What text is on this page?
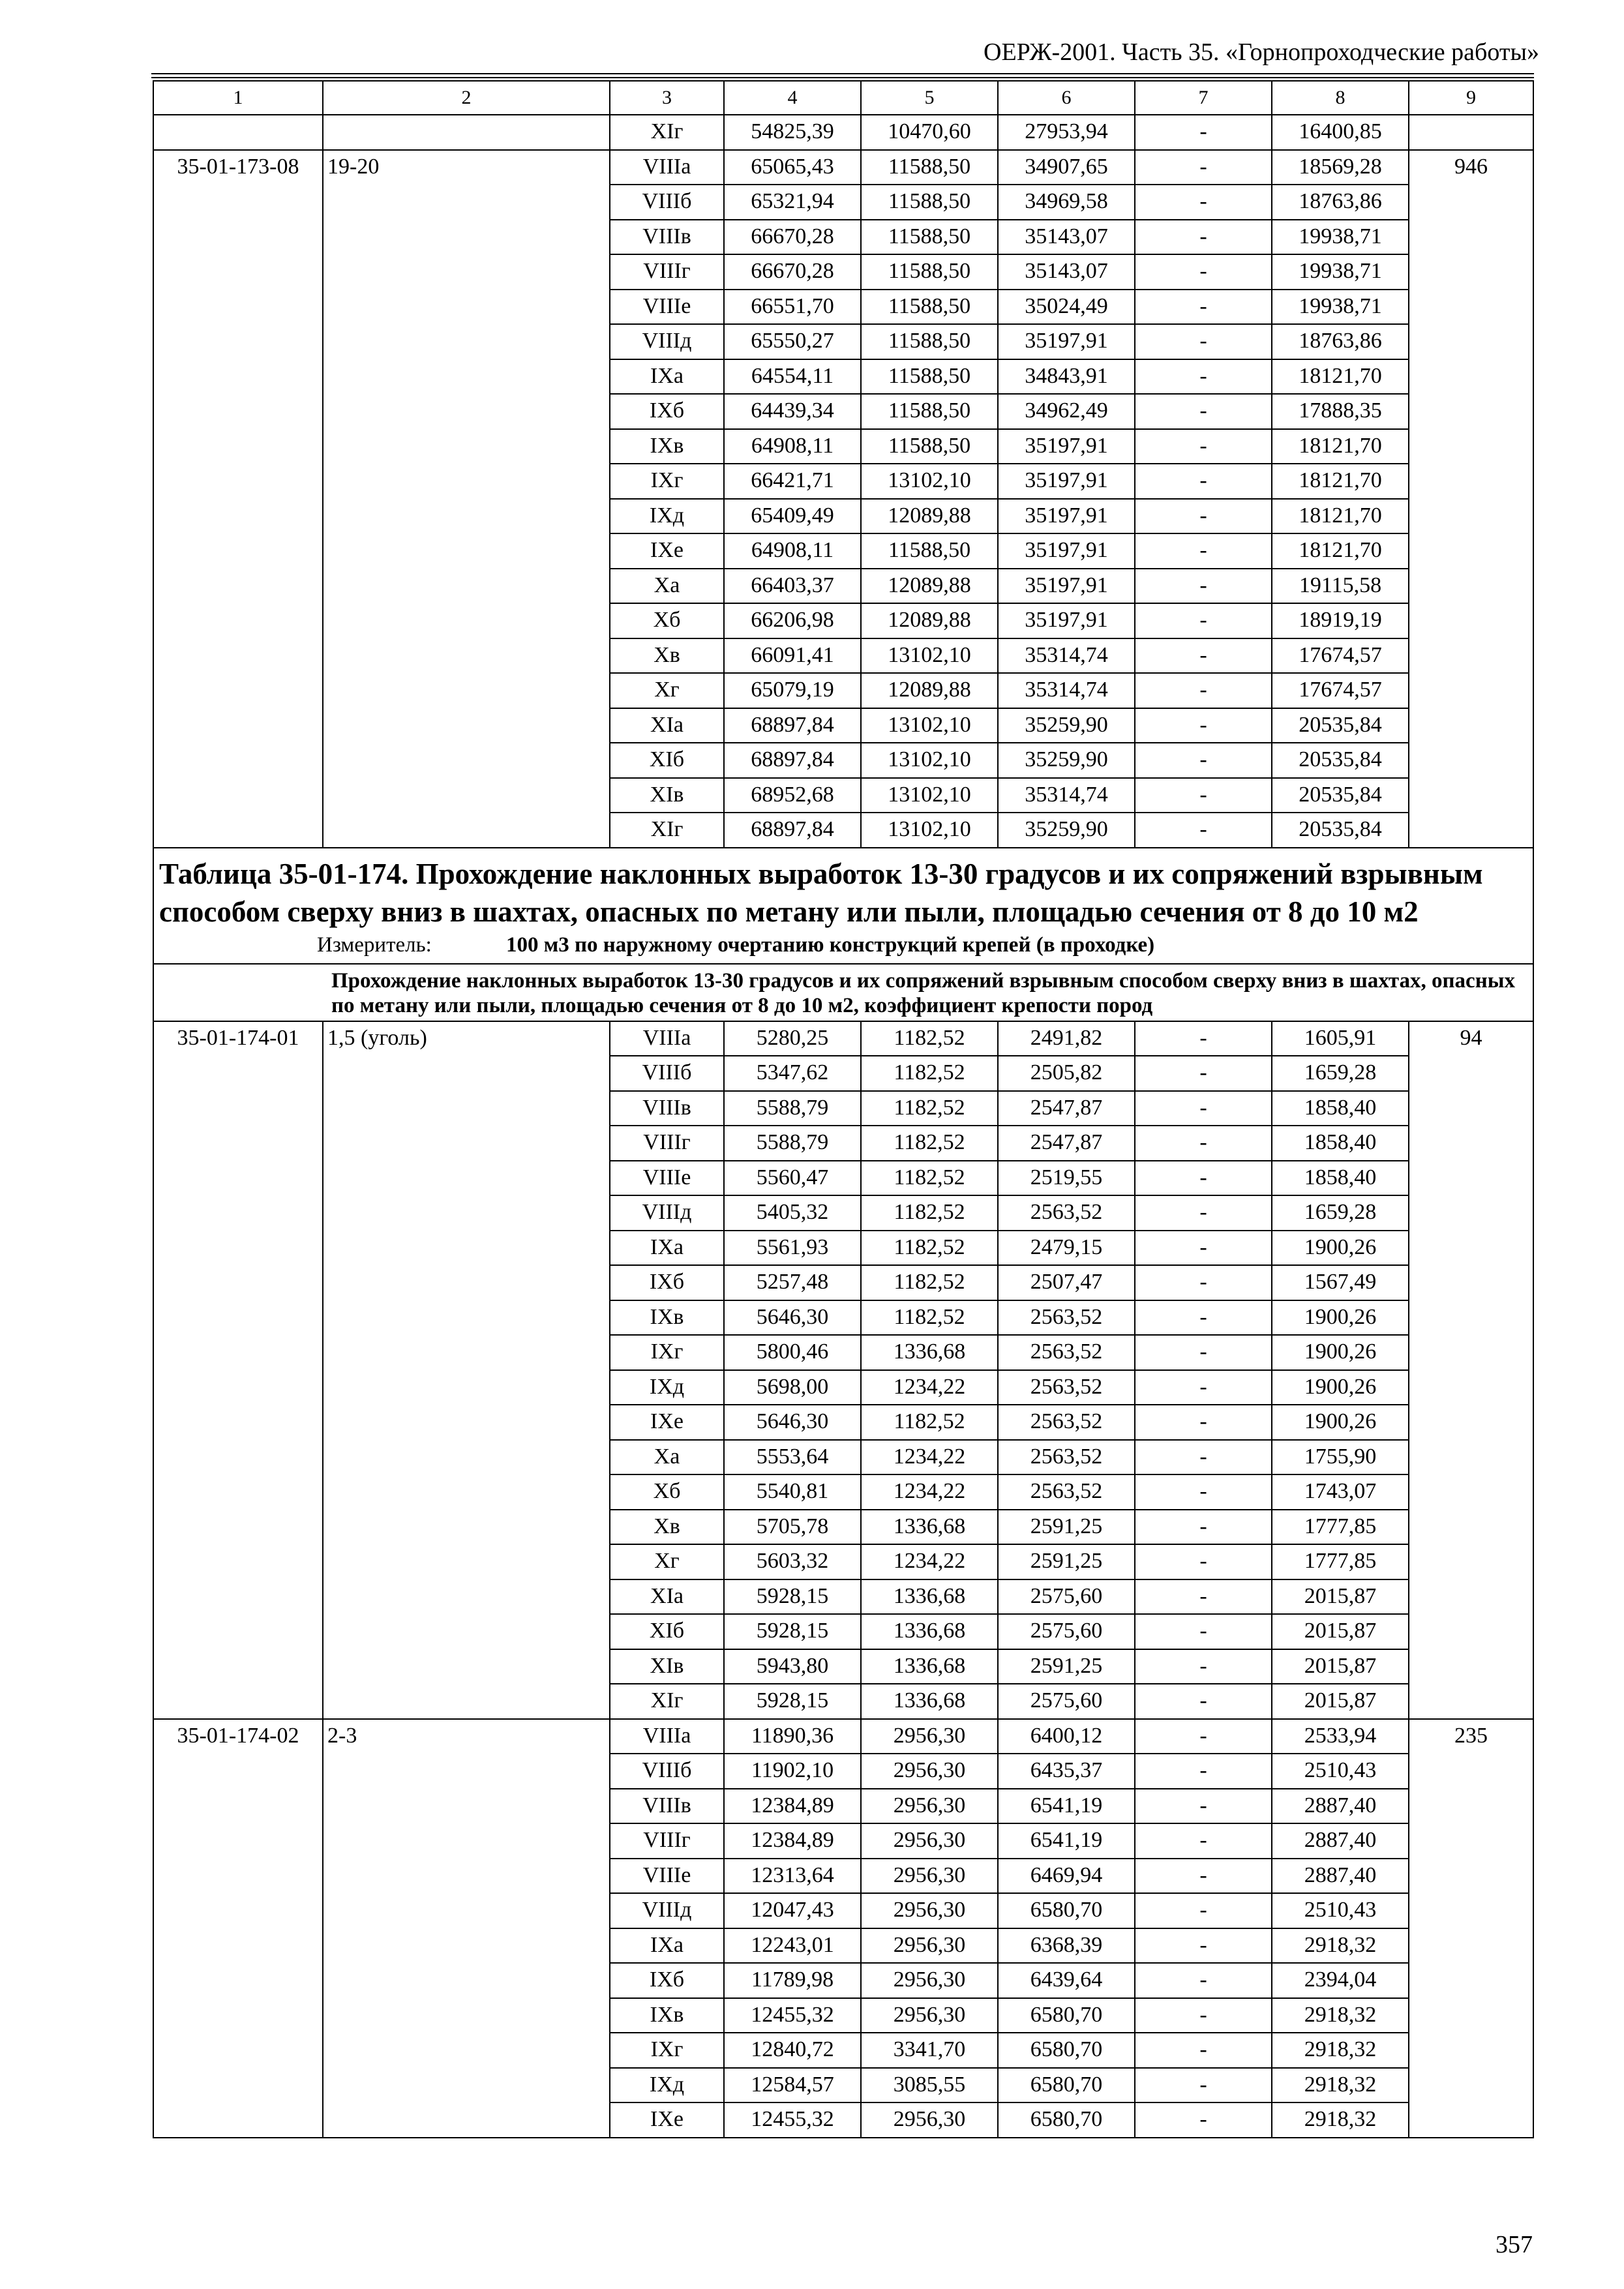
ОЕРЖ-2001. Часть 35. «Горнопроходческие работы»
1	2	3	4	5	6	7	8	9
		XIг	54825,39	10470,60	27953,94	-	16400,85	
35-01-173-08	19-20	VIIIа	65065,43	11588,50	34907,65	-	18569,28	946
		VIIIб	65321,94	11588,50	34969,58	-	18763,86	
		VIIIв	66670,28	11588,50	35143,07	-	19938,71	
		VIIIг	66670,28	11588,50	35143,07	-	19938,71	
		VIIIе	66551,70	11588,50	35024,49	-	19938,71	
		VIIIд	65550,27	11588,50	35197,91	-	18763,86	
		IXа	64554,11	11588,50	34843,91	-	18121,70	
		IXб	64439,34	11588,50	34962,49	-	17888,35	
		IXв	64908,11	11588,50	35197,91	-	18121,70	
		IXг	66421,71	13102,10	35197,91	-	18121,70	
		IXд	65409,49	12089,88	35197,91	-	18121,70	
		IXе	64908,11	11588,50	35197,91	-	18121,70	
		Xа	66403,37	12089,88	35197,91	-	19115,58	
		Xб	66206,98	12089,88	35197,91	-	18919,19	
		Xв	66091,41	13102,10	35314,74	-	17674,57	
		Xг	65079,19	12089,88	35314,74	-	17674,57	
		XIа	68897,84	13102,10	35259,90	-	20535,84	
		XIб	68897,84	13102,10	35259,90	-	20535,84	
		XIв	68952,68	13102,10	35314,74	-	20535,84	
		XIг	68897,84	13102,10	35259,90	-	20535,84	

Таблица 35-01-174. Прохождение наклонных выработок 13-30 градусов и их сопряжений взрывным способом сверху вниз в шахтах, опасных по метану или пыли, площадью сечения от 8 до 10 м2
Измеритель: 100 м3 по наружному очертанию конструкций крепей (в проходке)								

Прохождение наклонных выработок 13-30 градусов и их сопряжений взрывным способом сверху вниз в шахтах, опасных по метану или пыли, площадью сечения от 8 до 10 м2, коэффициент крепости пород								

35-01-174-01	1,5 (уголь)	VIIIа	5280,25	1182,52	2491,82	-	1605,91	94
		VIIIб	5347,62	1182,52	2505,82	-	1659,28	
		VIIIв	5588,79	1182,52	2547,87	-	1858,40	
		VIIIг	5588,79	1182,52	2547,87	-	1858,40	
		VIIIе	5560,47	1182,52	2519,55	-	1858,40	
		VIIIд	5405,32	1182,52	2563,52	-	1659,28	
		IXа	5561,93	1182,52	2479,15	-	1900,26	
		IXб	5257,48	1182,52	2507,47	-	1567,49	
		IXв	5646,30	1182,52	2563,52	-	1900,26	
		IXг	5800,46	1336,68	2563,52	-	1900,26	
		IXд	5698,00	1234,22	2563,52	-	1900,26	
		IXе	5646,30	1182,52	2563,52	-	1900,26	
		Xа	5553,64	1234,22	2563,52	-	1755,90	
		Xб	5540,81	1234,22	2563,52	-	1743,07	
		Xв	5705,78	1336,68	2591,25	-	1777,85	
		Xг	5603,32	1234,22	2591,25	-	1777,85	
		XIа	5928,15	1336,68	2575,60	-	2015,87	
		XIб	5928,15	1336,68	2575,60	-	2015,87	
		XIв	5943,80	1336,68	2591,25	-	2015,87	
		XIг	5928,15	1336,68	2575,60	-	2015,87	
35-01-174-02	2-3	VIIIа	11890,36	2956,30	6400,12	-	2533,94	235
		VIIIб	11902,10	2956,30	6435,37	-	2510,43	
		VIIIв	12384,89	2956,30	6541,19	-	2887,40	
		VIIIг	12384,89	2956,30	6541,19	-	2887,40	
		VIIIе	12313,64	2956,30	6469,94	-	2887,40	
		VIIIд	12047,43	2956,30	6580,70	-	2510,43	
		IXа	12243,01	2956,30	6368,39	-	2918,32	
		IXб	11789,98	2956,30	6439,64	-	2394,04	
		IXв	12455,32	2956,30	6580,70	-	2918,32	
		IXг	12840,72	3341,70	6580,70	-	2918,32	
		IXд	12584,57	3085,55	6580,70	-	2918,32	
		IXе	12455,32	2956,30	6580,70	-	2918,32	
357
